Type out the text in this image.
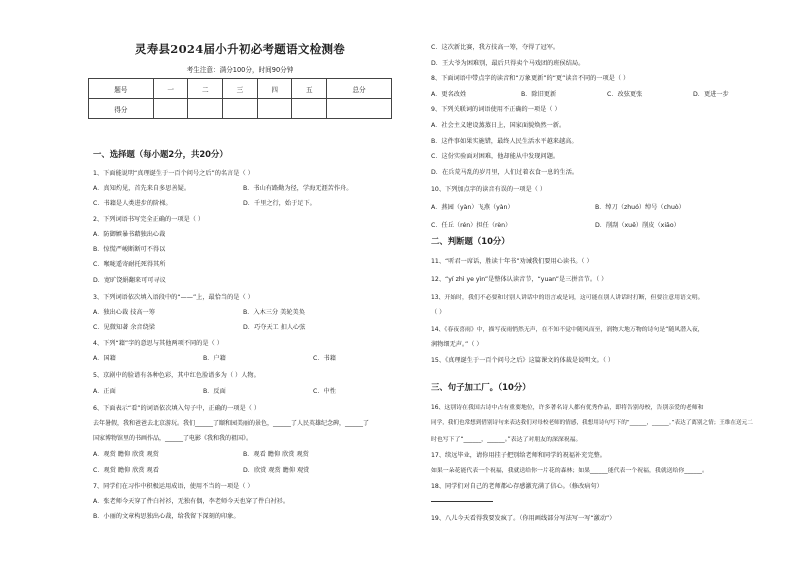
灵寿县2024届小升初必考题语文检测卷
考生注意：满分100分，时间90分钟
题号	一	二	三	四	五	总分
得分						
一、选择题（每小题2分，共20分）
1、下面能说明“真理诞生于一百个问号之后”的名言是（ ）
A．真知灼见，首先来自多思善疑。	B．书山有路勤为径，学海无涯苦作舟。
C．书籍是人类进步的阶梯。	D．千里之行，始于足下。
2、下列词语书写完全正确的一项是（ ）
A．防御嫉暴书藉独出心裁
B．惊慌严峻断断可不得以
C．喉咙遥寄耐托死得其所
D．宽旷饶娟翻来可可寻议
3、下列词语依次填入语段中的“——”上，最恰当的是（ ）
A．独出心裁 技高一筹	B．入木三分 美轮美奂
C．见微知著 余音绕梁	D．巧夺天工 扣人心弦
4、下列“籍”字的意思与其他两项不同的是（ ）
A．国籍	B．户籍	C．书籍
5、京剧中的脸谱有各种色彩，其中红色脸谱多为（ ）人物。
A．正面	B．反面	C．中性
6、下面表示“看”的词语依次填入句子中，正确的一项是（ ）
去年暑假，我和爸爸去北京游玩。我们______了颐和园美丽的景色，______了人民英雄纪念碑，______了
国家博物馆里的书画作品，______了电影《我和我的祖国》。
A．观赏 瞻仰 欣赏 观赏	B．观看 瞻仰 欣赏 观赏
C．观赏 瞻仰 欣赏 观看	D．欣赏 观赏 瞻仰 观赏
7、同学们在习作中积极运用成语，使用不当的一项是（ ）
A．张老师今天穿了件白衬衫，无独有偶，李老师今天也穿了件白衬衫。
B．小丽的文章构思独出心裁，给我留下深刻的印象。
C．这次新比赛，我方技高一筹，夺得了冠军。
D．王大爷为困难别，最后只得卖个马戏团的班侯结局。
8、下面词语中带点字的读音和“万象更新”的“更”读音不同的一项是（ ）
A．更名改姓	B．除旧更新	C．改弦更张	D．更进一步
9、下列关联词的词语使用不正确的一项是（ ）
A．社会主义建设蒸蒸日上，国家面貌焕然一新。
B．这件事如果实施错，最终人民生活水平越来越高。
C．这份实验面对困难，他却能从中发现问题。
D．在兵荒马乱的岁月里，人们过着衣食一息的生活。
10、下列加点字的读音有误的一项是（ ）
A．燕园（yàn）飞燕（yàn）	B．绰刀（zhuó）绰号（chuò）
C．任丘（rén）担任（rèn）	D．削刮（xuē）削皮（xiāo）
二、判断题（10分）
11、“听君一席话，胜读十年书”劝诫我们要用心读书。（ ）
12、“yí zhì ye yìn”是整体认读音节，“yuan”是三拼音节。（ ）
13、开始时，我们不必要和讨别人讲话中的语言或是词，这可能在别人讲话时打断，但要注意用语文明。
（ ）
14、《春夜喜雨》中，描写夜雨悄然无声，在不知不觉中随风而至，润物大地万物的诗句是“随风潜入夜，
润物细无声。”（ ）
15、《真理诞生于一百个问号之后》这篇课文的体裁是说明文。（ ）
三、句子加工厂。（10分）
16、这别诗在我国古诗中占有重要地位，许多著名诗人都有优秀作品，即将告别母校，告别亲爱的老师和
同学，我们也常想到借别诗句来表达我们对母校老师的情感，我想用诗句写下的“______，______。”表达了离别之情；王维在送元二
时也写下了“______，______。”表达了对朋友的深深祝福。
17、续远毕业，请你用挂子把别给老师和同学的祝福补充完整。
如果一朵花能代表一个祝福，我就送给你一片花的森林；如果______能代表一个祝福，我就送给你______。
18、同学们对自己的老师都心存感激充满了信心。（修改病句）
19、八儿今天看得我要发疯了。（你用画线部分写法写一写“激动”）
